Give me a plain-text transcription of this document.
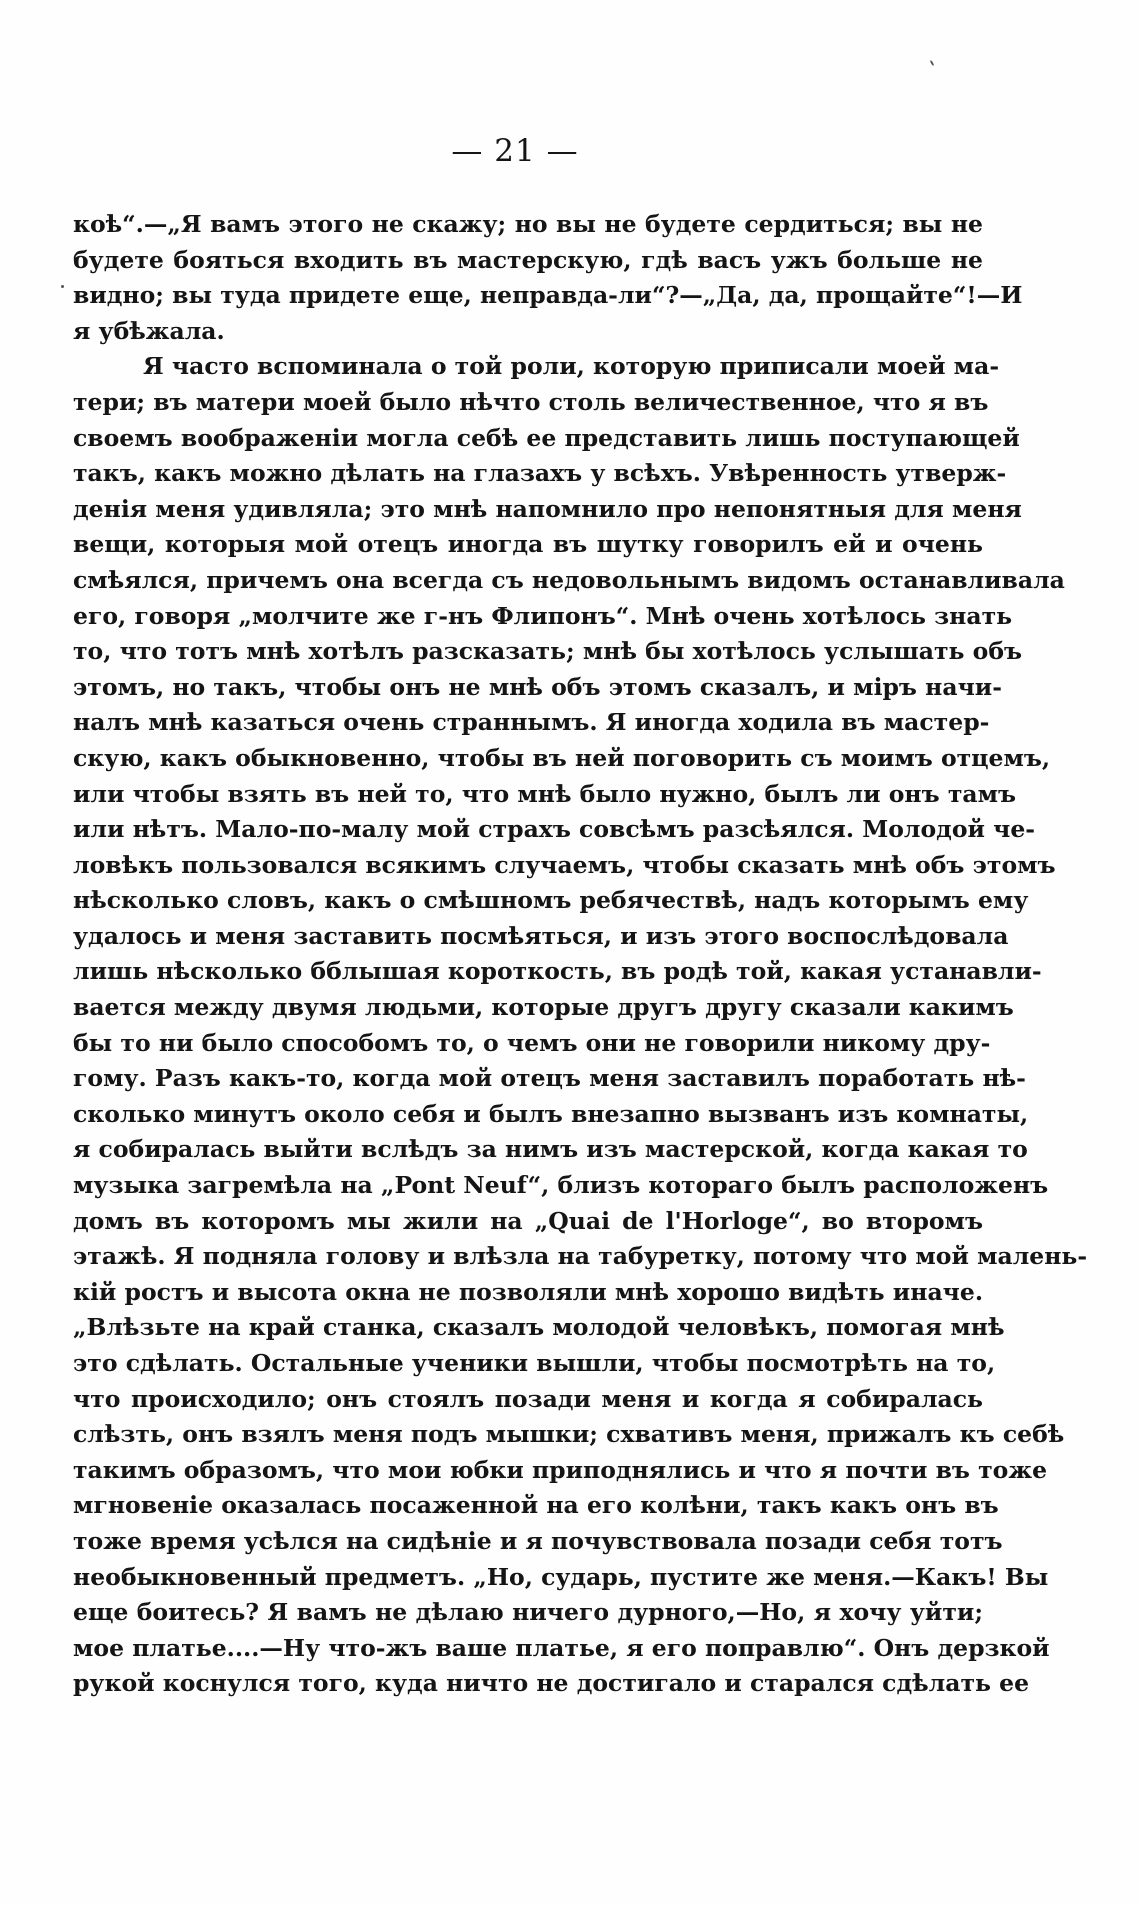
— 21 —
коѣ“.—„Я вамъ этого не скажу; но вы не будете сердиться; вы не
будете бояться входить въ мастерскую, гдѣ васъ ужъ больше не
видно; вы туда придете еще, неправда-ли“?—„Да, да, прощайте“!—И
я убѣжала.
Я часто вспоминала о той роли, которую приписали моей ма-
тери; въ матери моей было нѣчто столь величественное, что я въ
своемъ воображеніи могла себѣ ее представить лишь поступающей
такъ, какъ можно дѣлать на глазахъ у всѣхъ. Увѣренность утверж-
денія меня удивляла; это мнѣ напомнило про непонятныя для меня
вещи, которыя мой отецъ иногда въ шутку говорилъ ей и очень
смѣялся, причемъ она всегда съ недовольнымъ видомъ останавливала
его, говоря „молчите же г-нъ Флипонъ“. Мнѣ очень хотѣлось знать
то, что тотъ мнѣ хотѣлъ разсказать; мнѣ бы хотѣлось услышать объ
этомъ, но такъ, чтобы онъ не мнѣ объ этомъ сказалъ, и міръ начи-
налъ мнѣ казаться очень страннымъ. Я иногда ходила въ мастер-
скую, какъ обыкновенно, чтобы въ ней поговорить съ моимъ отцемъ,
или чтобы взять въ ней то, что мнѣ было нужно, былъ ли онъ тамъ
или нѣтъ. Мало-по-малу мой страхъ совсѣмъ разсѣялся. Молодой че-
ловѣкъ пользовался всякимъ случаемъ, чтобы сказать мнѣ объ этомъ
нѣсколько словъ, какъ о смѣшномъ ребячествѣ, надъ которымъ ему
удалось и меня заставить посмѣяться, и изъ этого воспослѣдовала
лишь нѣсколько бблышая короткость, въ родѣ той, какая устанавли-
вается между двумя людьми, которые другъ другу сказали какимъ
бы то ни было способомъ то, о чемъ они не говорили никому дру-
гому. Разъ какъ-то, когда мой отецъ меня заставилъ поработать нѣ-
сколько минутъ около себя и былъ внезапно вызванъ изъ комнаты,
я собиралась выйти вслѣдъ за нимъ изъ мастерской, когда какая то
музыка загремѣла на „Pont Neuf“, близъ котораго былъ расположенъ
домъ въ которомъ мы жили на „Quai de l'Horloge“, во второмъ
этажѣ. Я подняла голову и влѣзла на табуретку, потому что мой малень-
кій ростъ и высота окна не позволяли мнѣ хорошо видѣть иначе.
„Влѣзьте на край станка, сказалъ молодой человѣкъ, помогая мнѣ
это сдѣлать. Остальные ученики вышли, чтобы посмотрѣть на то,
что происходило; онъ стоялъ позади меня и когда я собиралась
слѣзть, онъ взялъ меня подъ мышки; схвативъ меня, прижалъ къ себѣ
такимъ образомъ, что мои юбки приподнялись и что я почти въ тоже
мгновеніе оказалась посаженной на его колѣни, такъ какъ онъ въ
тоже время усѣлся на сидѣніе и я почувствовала позади себя тотъ
необыкновенный предметъ. „Но, сударь, пустите же меня.—Какъ! Вы
еще боитесь? Я вамъ не дѣлаю ничего дурного,—Но, я хочу уйти;
мое платье....—Ну что-жъ ваше платье, я его поправлю“. Онъ дерзкой
рукой коснулся того, куда ничто не достигало и старался сдѣлать ее
